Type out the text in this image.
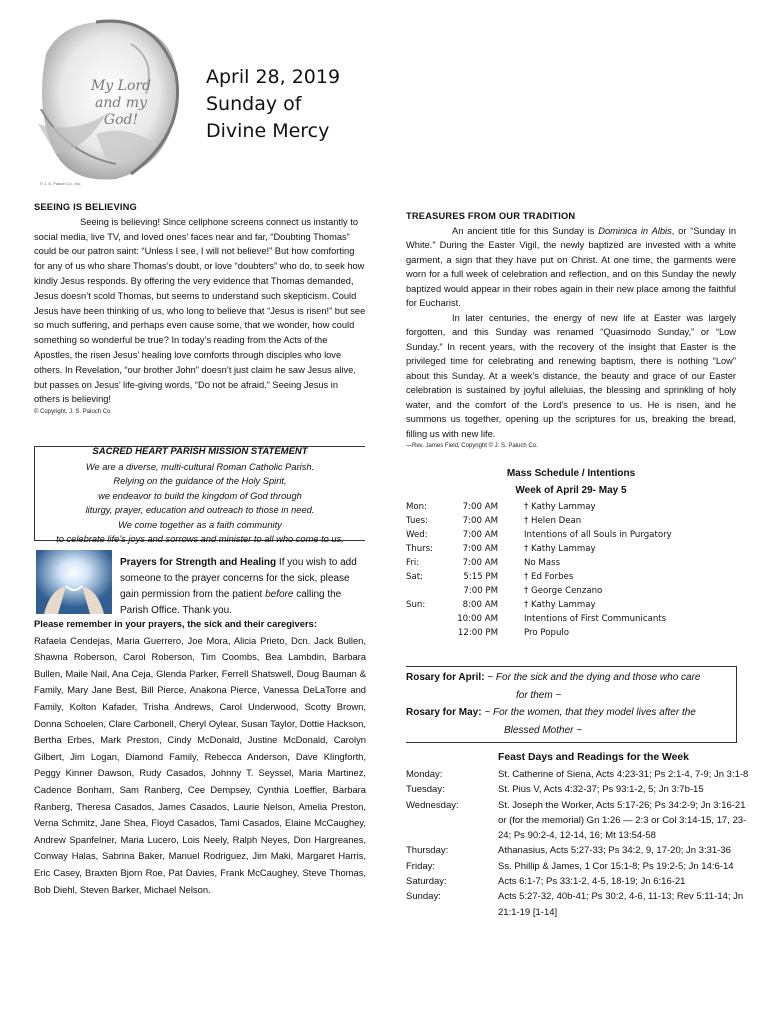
My Lord
and my
God!
© J. S. Paluch Co., Inc.
April 28, 2019
Sunday of
Divine Mercy
SEEING IS BELIEVING

Seeing is believing! Since cellphone screens connect us instantly to social media, live TV, and loved ones’ faces near and far, “Doubting Thomas” could be our patron saint: “Unless I see, I will not believe!” But how comforting for any of us who share Thomas’s doubt, or love “doubters” who do, to seek how kindly Jesus responds. By offering the very evidence that Thomas demanded, Jesus doesn’t scold Thomas, but seems to understand such skepticism. Could Jesus have been thinking of us, who long to believe that “Jesus is risen!” but see so much suffering, and perhaps even cause some, that we wonder, how could something so wonderful be true? In today’s reading from the Acts of the Apostles, the risen Jesus’ healing love comforts through disciples who love others. In Revelation, “our brother John” doesn’t just claim he saw Jesus alive, but passes on Jesus’ life-giving words, “Do not be afraid.” Seeing Jesus in others is believing!

© Copyright, J. S. Paluch Co
SACRED HEART PARISH MISSION STATEMENT
We are a diverse, multi-cultural Roman Catholic Parish.
Relying on the guidance of the Holy Spirit,
we endeavor to build the kingdom of God through
liturgy, prayer, education and outreach to those in need.
We come together as a faith community
to celebrate life’s joys and sorrows and minister to all who come to us.
Prayers for Strength and Healing If you wish to add someone to the prayer concerns for the sick, please gain permission from the patient before calling the Parish Office. Thank you.
Please remember in your prayers, the sick and their caregivers:
Rafaela Cendejas, Maria Guerrero, Joe Mora, Alicia Prieto, Dcn. Jack Bullen, Shawna Roberson, Carol Roberson, Tim Coombs, Bea Lambdin, Barbara Bullen, Maile Nail, Ana Ceja, Glenda Parker, Ferrell Shatswell, Doug Bauman & Family, Mary Jane Best, Bill Pierce, Anakona Pierce, Vanessa DeLaTorre and Family, Kolton Kafader, Trisha Andrews, Carol Underwood, Scotty Brown, Donna Schoelen, Clare Carbonell, Cheryl Oylear, Susan Taylor, Dottie Hackson, Bertha Erbes, Mark Preston, Cindy McDonald, Justine McDonald, Carolyn Gilbert, Jim Logan, Diamond Family, Rebecca Anderson, Dave Klingforth, Peggy Kinner Dawson, Rudy Casados, Johnny T. Seyssel, Maria Martinez, Cadence Bonham, Sam Ranberg, Cee Dempsey, Cynthia Loeffler, Barbara Ranberg, Theresa Casados, James Casados, Laurie Nelson, Amelia Preston, Verna Schmitz, Jane Shea, Floyd Casados, Tami Casados, Elaine McCaughey, Andrew Spanfelner, Maria Lucero, Lois Neely, Ralph Neyes, Don Hargreanes, Conway Halas, Sabrina Baker, Manuel Rodriguez, Jim Maki, Margaret Harris, Eric Casey, Braxten Bjorn Roe, Pat Davies, Frank McCaughey, Steve Thomas, Bob Diehl, Steven Barker, Michael Nelson.
TREASURES FROM OUR TRADITION

An ancient title for this Sunday is Dominica in Albis, or “Sunday in White.” During the Easter Vigil, the newly baptized are invested with a white garment, a sign that they have put on Christ. At one time, the garments were worn for a full week of celebration and reflection, and on this Sunday the newly baptized would appear in their robes again in their new place among the faithful for Eucharist.

In later centuries, the energy of new life at Easter was largely forgotten, and this Sunday was renamed “Quasimodo Sunday,” or “Low Sunday.” In recent years, with the recovery of the insight that Easter is the privileged time for celebrating and renewing baptism, there is nothing “Low” about this Sunday. At a week’s distance, the beauty and grace of our Easter celebration is sustained by joyful alleluias, the blessing and sprinkling of holy water, and the comfort of the Lord’s presence to us. He is risen, and he summons us together, opening up the scriptures for us, breaking the bread, filling us with new life.

—Rev. James Field, Copyright © J. S. Paluch Co.
Mass Schedule / Intentions
Week of April 29- May 5
Mon:	7:00 AM	† Kathy Lammay
Tues:	7:00 AM	† Helen Dean
Wed:	7:00 AM	Intentions of all Souls in Purgatory
Thurs:	7:00 AM	† Kathy Lammay
Fri:	7:00 AM	No Mass
Sat:	5:15 PM	† Ed Forbes
7:00 PM	† George Cenzano
Sun:	8:00 AM	† Kathy Lammay
10:00 AM	Intentions of First Communicants
12:00 PM	Pro Populo
Rosary for April: ~ For the sick and the dying and those who care
for them ~
Rosary for May: ~ For the women, that they model lives after the
Blessed Mother ~
Feast Days and Readings for the Week
Monday:	St. Catherine of Siena, Acts 4:23-31; Ps 2:1-4, 7-9; Jn 3:1-8
Tuesday:	St. Pius V, Acts 4:32-37; Ps 93:1-2, 5; Jn 3:7b-15
Wednesday:	St. Joseph the Worker, Acts 5:17-26; Ps 34:2-9; Jn 3:16-21 or (for the memorial) Gn 1:26 — 2:3 or Col 3:14-15, 17, 23-24; Ps 90:2-4, 12-14, 16; Mt 13:54-58
Thursday:	Athanasius, Acts 5:27-33; Ps 34:2, 9, 17-20; Jn 3:31-36
Friday:	Ss. Phillip & James, 1 Cor 15:1-8; Ps 19:2-5; Jn 14:6-14
Saturday:	Acts 6:1-7; Ps 33:1-2, 4-5, 18-19; Jn 6:16-21
Sunday:	Acts 5:27-32, 40b-41; Ps 30:2, 4-6, 11-13; Rev 5:11-14; Jn 21:1-19 [1-14]
